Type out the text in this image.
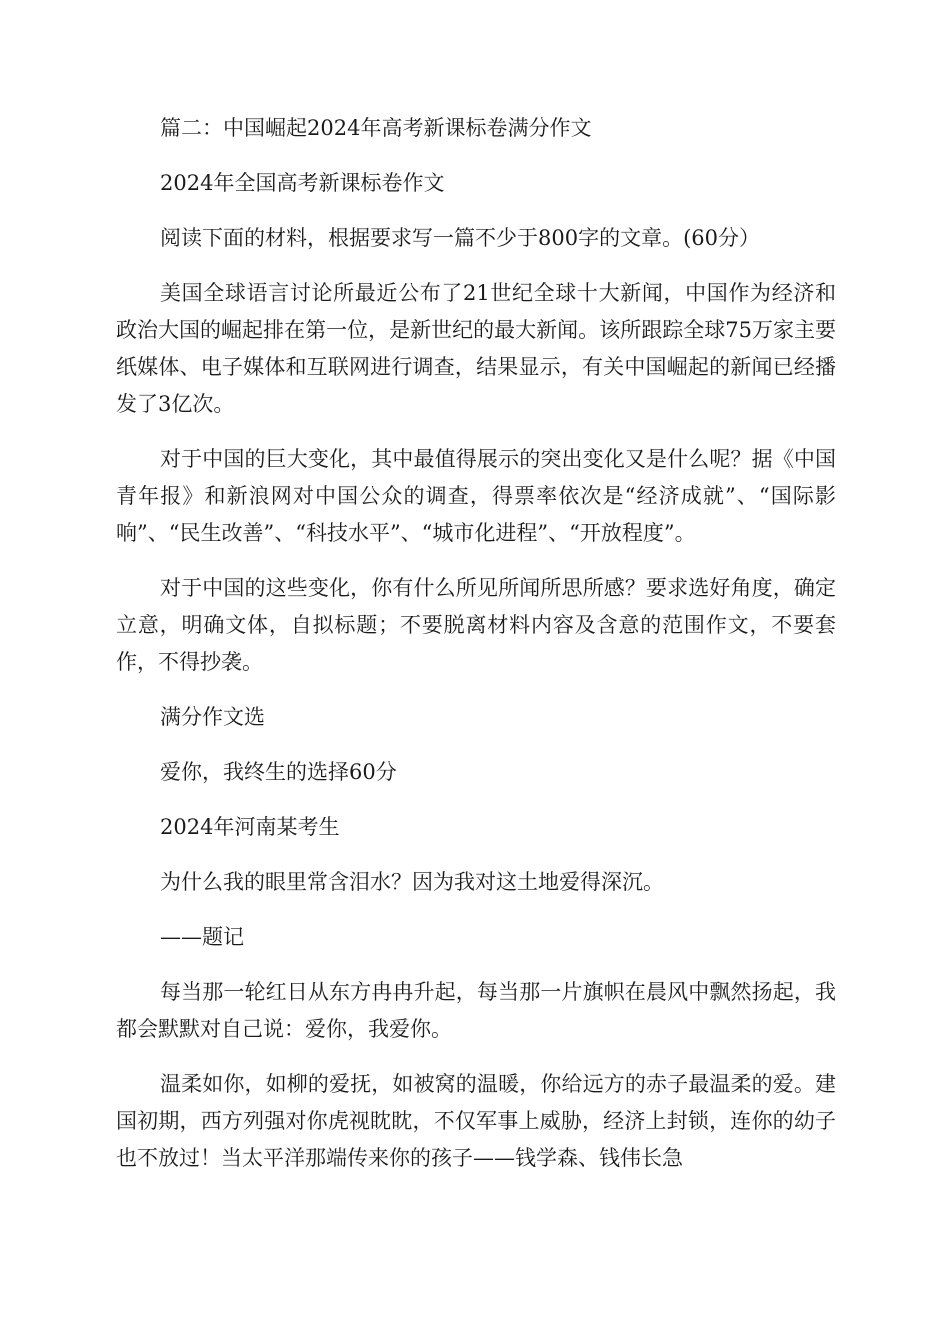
篇二：中国崛起2024年高考新课标卷满分作文

2024年全国高考新课标卷作文

阅读下面的材料，根据要求写一篇不少于800字的文章。(60分）

美国全球语言讨论所最近公布了21世纪全球十大新闻，中国作为经济和政治大国的崛起排在第一位，是新世纪的最大新闻。该所跟踪全球75万家主要纸媒体、电子媒体和互联网进行调查，结果显示，有关中国崛起的新闻已经播发了3亿次。

对于中国的巨大变化，其中最值得展示的突出变化又是什么呢？据《中国青年报》和新浪网对中国公众的调查，得票率依次是“经济成就”、“国际影响”、“民生改善”、“科技水平”、“城市化进程”、“开放程度”。

对于中国的这些变化，你有什么所见所闻所思所感？要求选好角度，确定立意，明确文体，自拟标题；不要脱离材料内容及含意的范围作文，不要套作，不得抄袭。

满分作文选

爱你，我终生的选择60分

2024年河南某考生

为什么我的眼里常含泪水？因为我对这土地爱得深沉。

——题记

每当那一轮红日从东方冉冉升起，每当那一片旗帜在晨风中飘然扬起，我都会默默对自己说：爱你，我爱你。

温柔如你，如柳的爱抚，如被窝的温暖，你给远方的赤子最温柔的爱。建国初期，西方列强对你虎视眈眈，不仅军事上威胁，经济上封锁，连你的幼子也不放过！当太平洋那端传来你的孩子——钱学森、钱伟长急
